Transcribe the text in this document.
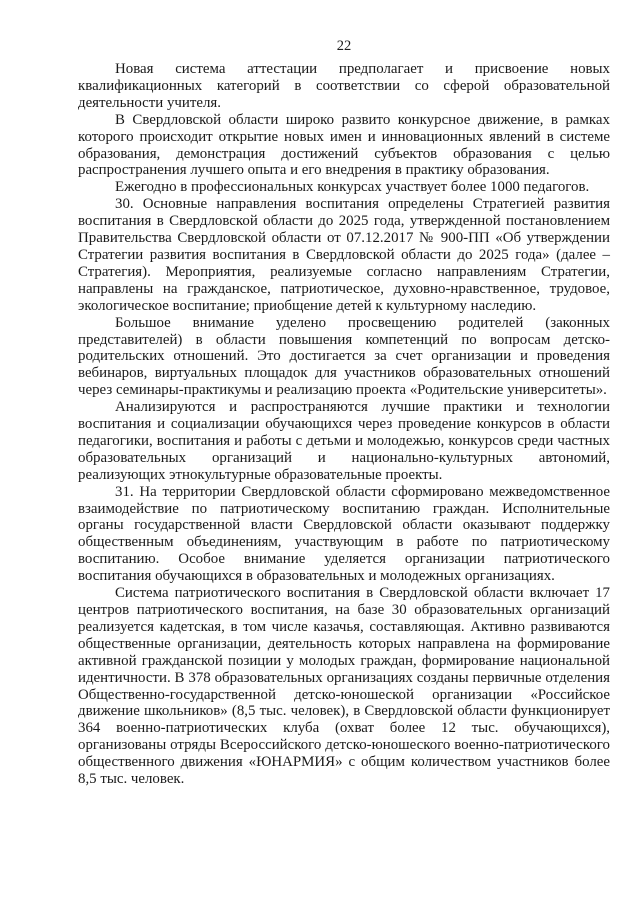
22

Новая система аттестации предполагает и присвоение новых квалификационных категорий в соответствии со сферой образовательной деятельности учителя.

В Свердловской области широко развито конкурсное движение, в рамках которого происходит открытие новых имен и инновационных явлений в системе образования, демонстрация достижений субъектов образования с целью распространения лучшего опыта и его внедрения в практику образования.

Ежегодно в профессиональных конкурсах участвует более 1000 педагогов.

30. Основные направления воспитания определены Стратегией развития воспитания в Свердловской области до 2025 года, утвержденной постановлением Правительства Свердловской области от 07.12.2017 № 900-ПП «Об утверждении Стратегии развития воспитания в Свердловской области до 2025 года» (далее – Стратегия). Мероприятия, реализуемые согласно направлениям Стратегии, направлены на гражданское, патриотическое, духовно-нравственное, трудовое, экологическое воспитание; приобщение детей к культурному наследию.

Большое внимание уделено просвещению родителей (законных представителей) в области повышения компетенций по вопросам детско-родительских отношений. Это достигается за счет организации и проведения вебинаров, виртуальных площадок для участников образовательных отношений через семинары-практикумы и реализацию проекта «Родительские университеты».

Анализируются и распространяются лучшие практики и технологии воспитания и социализации обучающихся через проведение конкурсов в области педагогики, воспитания и работы с детьми и молодежью, конкурсов среди частных образовательных организаций и национально-культурных автономий, реализующих этнокультурные образовательные проекты.

31. На территории Свердловской области сформировано межведомственное взаимодействие по патриотическому воспитанию граждан. Исполнительные органы государственной власти Свердловской области оказывают поддержку общественным объединениям, участвующим в работе по патриотическому воспитанию. Особое внимание уделяется организации патриотического воспитания обучающихся в образовательных и молодежных организациях.

Система патриотического воспитания в Свердловской области включает 17 центров патриотического воспитания, на базе 30 образовательных организаций реализуется кадетская, в том числе казачья, составляющая. Активно развиваются общественные организации, деятельность которых направлена на формирование активной гражданской позиции у молодых граждан, формирование национальной идентичности. В 378 образовательных организациях созданы первичные отделения Общественно-государственной детско-юношеской организации «Российское движение школьников» (8,5 тыс. человек), в Свердловской области функционирует 364 военно-патриотических клуба (охват более 12 тыс. обучающихся), организованы отряды Всероссийского детско-юношеского военно-патриотического общественного движения «ЮНАРМИЯ» с общим количеством участников более 8,5 тыс. человек.
